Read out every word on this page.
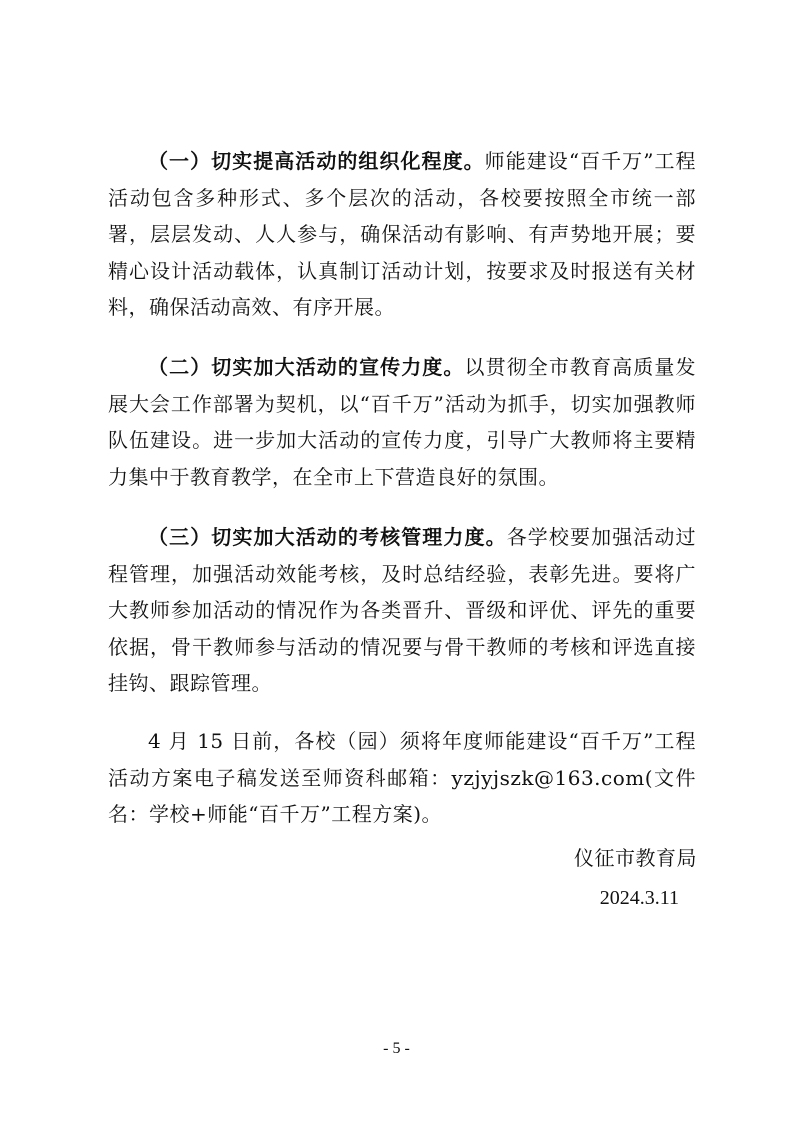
（一）切实提高活动的组织化程度。师能建设“百千万”工程活动包含多种形式、多个层次的活动，各校要按照全市统一部署，层层发动、人人参与，确保活动有影响、有声势地开展；要精心设计活动载体，认真制订活动计划，按要求及时报送有关材料，确保活动高效、有序开展。

（二）切实加大活动的宣传力度。以贯彻全市教育高质量发展大会工作部署为契机，以“百千万”活动为抓手，切实加强教师队伍建设。进一步加大活动的宣传力度，引导广大教师将主要精力集中于教育教学，在全市上下营造良好的氛围。

（三）切实加大活动的考核管理力度。各学校要加强活动过程管理，加强活动效能考核，及时总结经验，表彰先进。要将广大教师参加活动的情况作为各类晋升、晋级和评优、评先的重要依据，骨干教师参与活动的情况要与骨干教师的考核和评选直接挂钩、跟踪管理。

4 月 15 日前，各校（园）须将年度师能建设“百千万”工程活动方案电子稿发送至师资科邮箱：yzjyjszk@163.com(文件名：学校+师能“百千万”工程方案)。

仪征市教育局

2024.3.11

- 5 -
